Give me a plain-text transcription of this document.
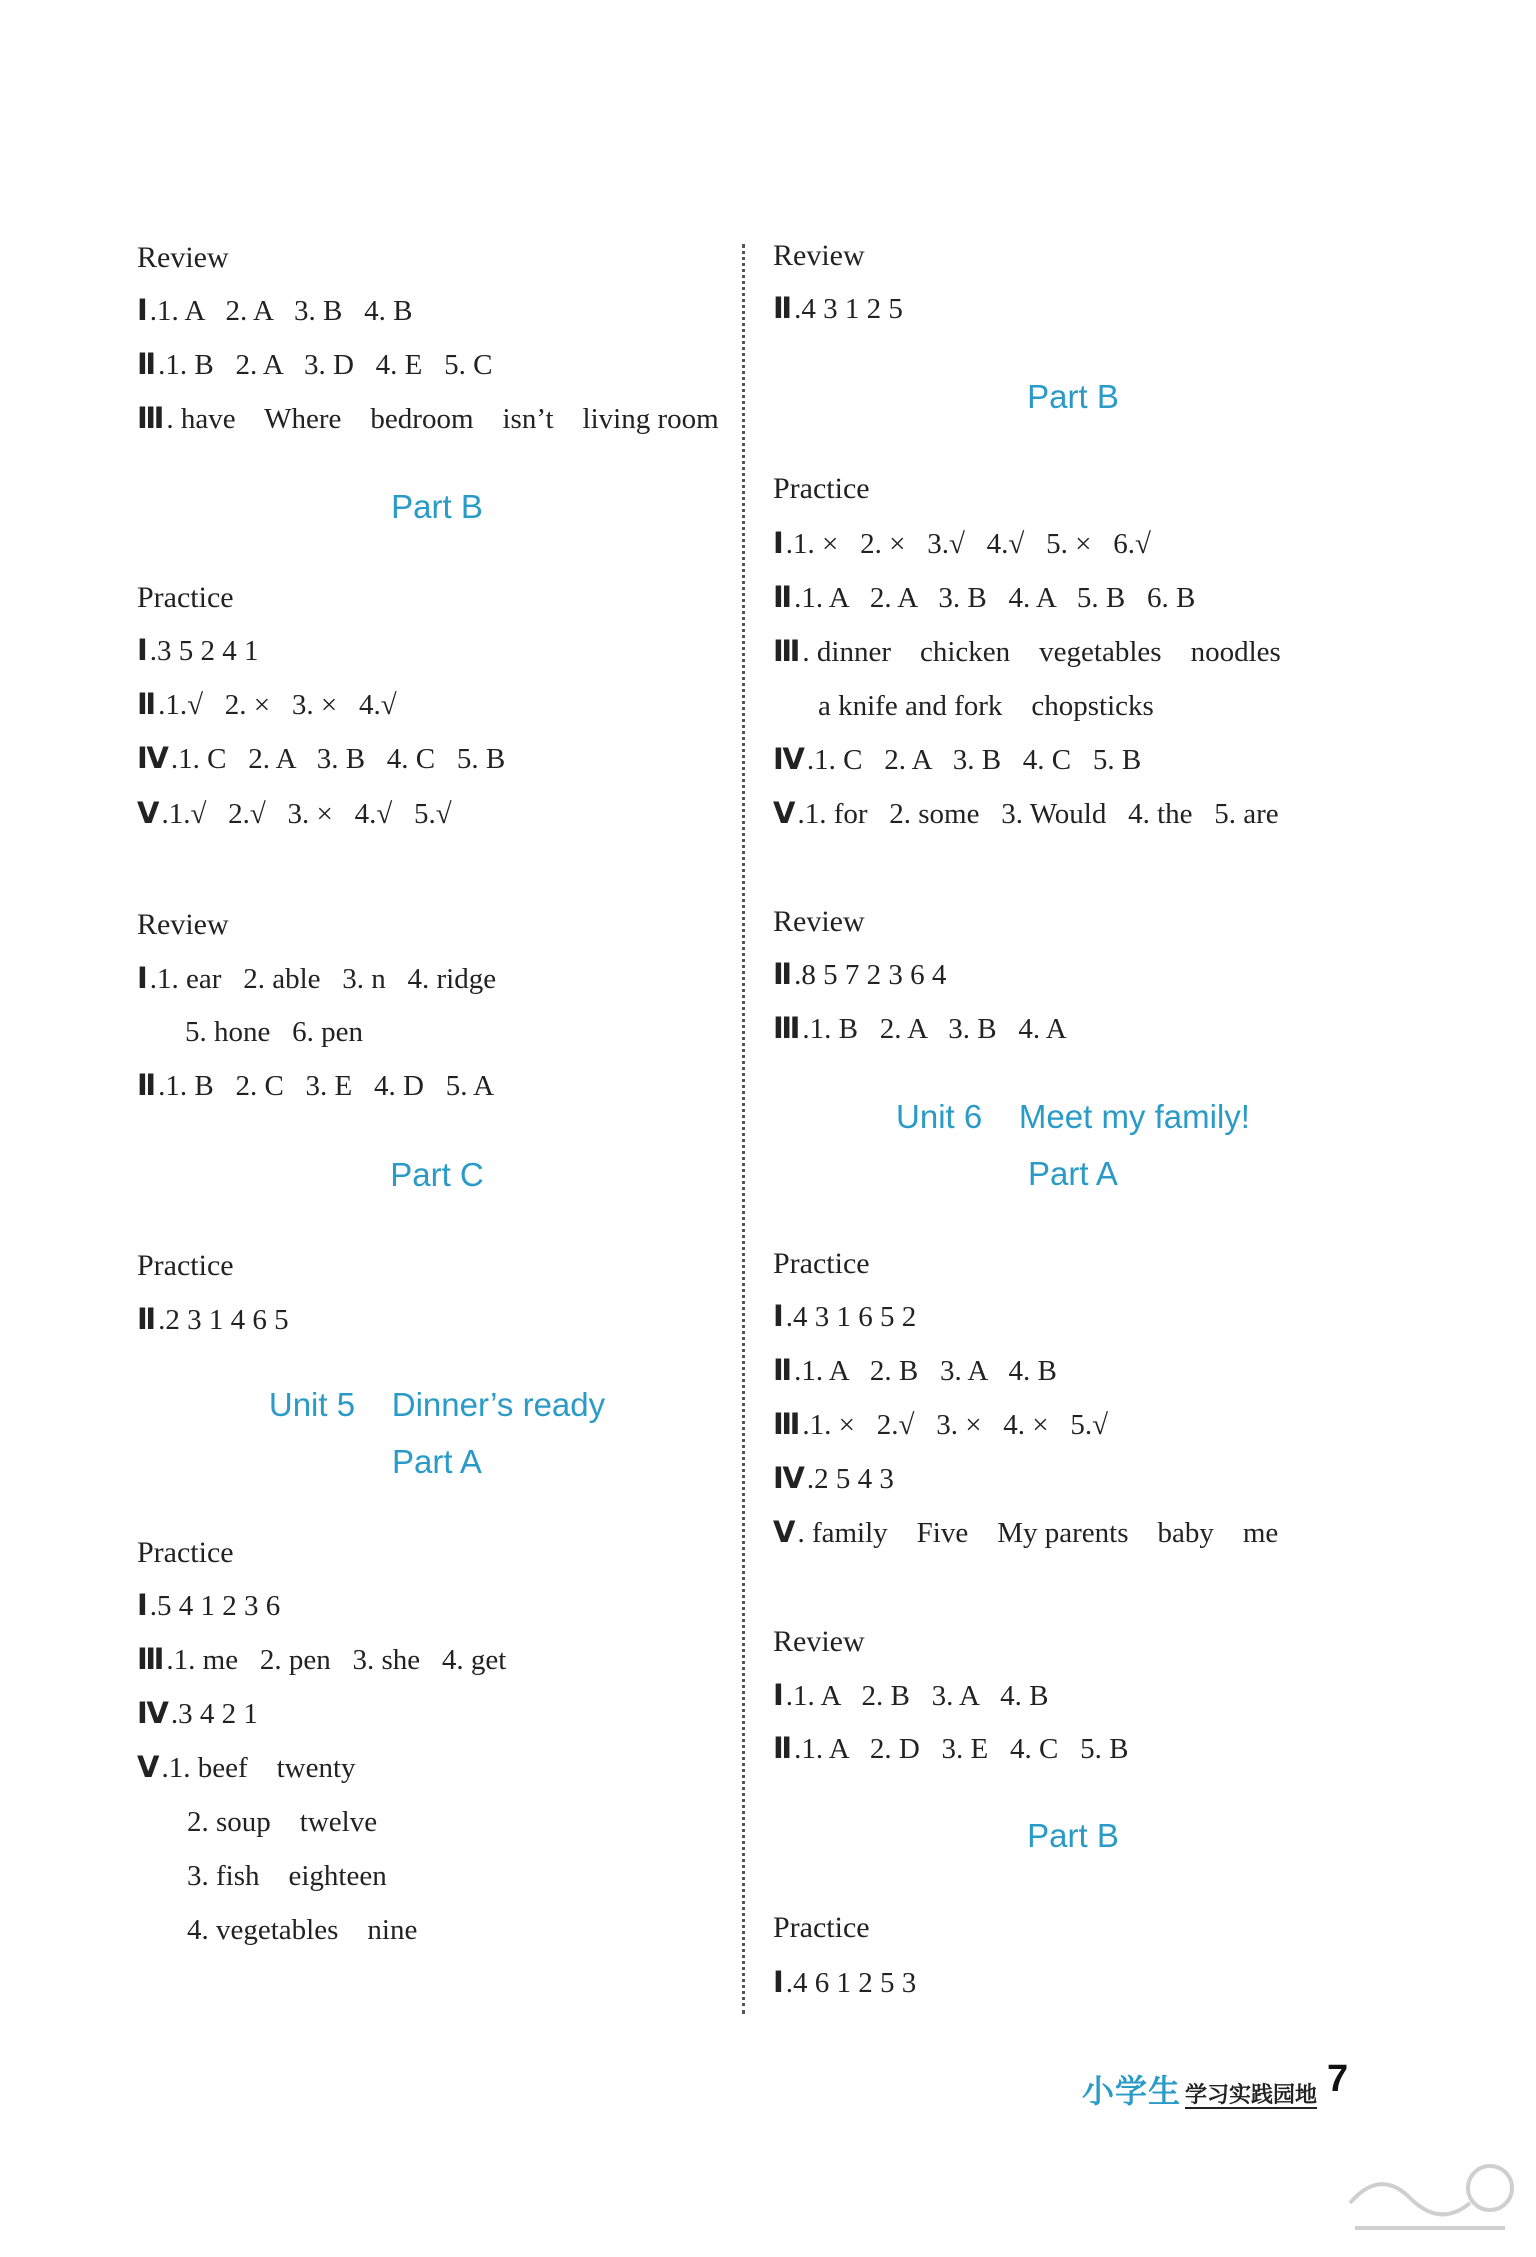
Review
Ⅰ.1. A   2. A   3. B   4. B
Ⅱ.1. B   2. A   3. D   4. E   5. C
Ⅲ. have    Where    bedroom    isn’t    living room
Part B
Practice
Ⅰ.3 5 2 4 1
Ⅱ.1.√   2. ×   3. ×   4.√
Ⅳ.1. C   2. A   3. B   4. C   5. B
Ⅴ.1.√   2.√   3. ×   4.√   5.√
Review
Ⅰ.1. ear   2. able   3. n   4. ridge
5. hone   6. pen
Ⅱ.1. B   2. C   3. E   4. D   5. A
Part C
Practice
Ⅱ.2 3 1 4 6 5
Unit 5    Dinner’s ready
Part A
Practice
Ⅰ.5 4 1 2 3 6
Ⅲ.1. me   2. pen   3. she   4. get
Ⅳ.3 4 2 1
Ⅴ.1. beef    twenty
2. soup    twelve
3. fish    eighteen
4. vegetables    nine
Review
Ⅱ.4 3 1 2 5
Part B
Practice
Ⅰ.1. ×   2. ×   3.√   4.√   5. ×   6.√
Ⅱ.1. A   2. A   3. B   4. A   5. B   6. B
Ⅲ. dinner    chicken    vegetables    noodles
a knife and fork    chopsticks
Ⅳ.1. C   2. A   3. B   4. C   5. B
Ⅴ.1. for   2. some   3. Would   4. the   5. are
Review
Ⅱ.8 5 7 2 3 6 4
Ⅲ.1. B   2. A   3. B   4. A
Unit 6    Meet my family!
Part A
Practice
Ⅰ.4 3 1 6 5 2
Ⅱ.1. A   2. B   3. A   4. B
Ⅲ.1. ×   2.√   3. ×   4. ×   5.√
Ⅳ.2 5 4 3
Ⅴ. family    Five    My parents    baby    me
Review
Ⅰ.1. A   2. B   3. A   4. B
Ⅱ.1. A   2. D   3. E   4. C   5. B
Part B
Practice
Ⅰ.4 6 1 2 5 3
小学生 学习实践园地 7
